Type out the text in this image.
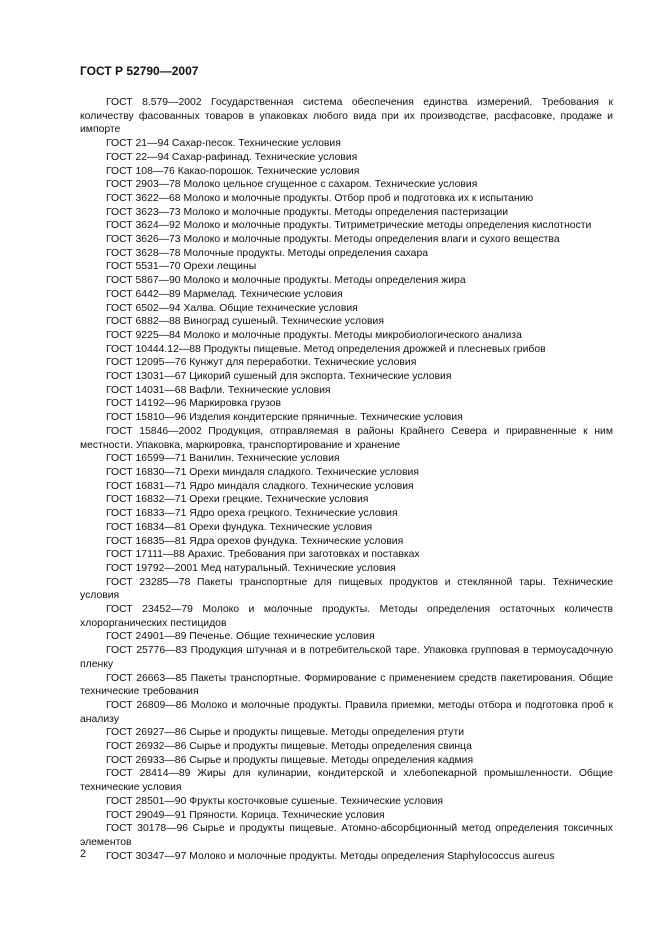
ГОСТ Р 52790—2007

ГОСТ 8.579—2002 Государственная система обеспечения единства измерений. Требования к количеству фасованных товаров в упаковках любого вида при их производстве, расфасовке, продаже и импорте

ГОСТ 21—94 Сахар-песок. Технические условия

ГОСТ 22—94 Сахар-рафинад. Технические условия

ГОСТ 108—76 Какао-порошок. Технические условия

ГОСТ 2903—78 Молоко цельное сгущенное с сахаром. Технические условия

ГОСТ 3622—68 Молоко и молочные продукты. Отбор проб и подготовка их к испытанию

ГОСТ 3623—73 Молоко и молочные продукты. Методы определения пастеризации

ГОСТ 3624—92 Молоко и молочные продукты. Титриметрические методы определения кислотности

ГОСТ 3626—73 Молоко и молочные продукты. Методы определения влаги и сухого вещества

ГОСТ 3628—78 Молочные продукты. Методы определения сахара

ГОСТ 5531—70 Орехи лещины

ГОСТ 5867—90 Молоко и молочные продукты. Методы определения жира

ГОСТ 6442—89 Мармелад. Технические условия

ГОСТ 6502—94 Халва. Общие технические условия

ГОСТ 6882—88 Виноград сушеный. Технические условия

ГОСТ 9225—84 Молоко и молочные продукты. Методы микробиологического анализа

ГОСТ 10444.12—88 Продукты пищевые. Метод определения дрожжей и плесневых грибов

ГОСТ 12095—76 Кунжут для переработки. Технические условия

ГОСТ 13031—67 Цикорий сушеный для экспорта. Технические условия

ГОСТ 14031—68 Вафли. Технические условия

ГОСТ 14192—96 Маркировка грузов

ГОСТ 15810—96 Изделия кондитерские пряничные. Технические условия

ГОСТ 15846—2002 Продукция, отправляемая в районы Крайнего Севера и приравненные к ним местности. Упаковка, маркировка, транспортирование и хранение

ГОСТ 16599—71 Ванилин. Технические условия

ГОСТ 16830—71 Орехи миндаля сладкого. Технические условия

ГОСТ 16831—71 Ядро миндаля сладкого. Технические условия

ГОСТ 16832—71 Орехи грецкие. Технические условия

ГОСТ 16833—71 Ядро ореха грецкого. Технические условия

ГОСТ 16834—81 Орехи фундука. Технические условия

ГОСТ 16835—81 Ядра орехов фундука. Технические условия

ГОСТ 17111—88 Арахис. Требования при заготовках и поставках

ГОСТ 19792—2001 Мед натуральный. Технические условия

ГОСТ 23285—78 Пакеты транспортные для пищевых продуктов и стеклянной тары. Технические условия

ГОСТ 23452—79 Молоко и молочные продукты. Методы определения остаточных количеств хлорорганических пестицидов

ГОСТ 24901—89 Печенье. Общие технические условия

ГОСТ 25776—83 Продукция штучная и в потребительской таре. Упаковка групповая в термоусадочную пленку

ГОСТ 26663—85 Пакеты транспортные. Формирование с применением средств пакетирования. Общие технические требования

ГОСТ 26809—86 Молоко и молочные продукты. Правила приемки, методы отбора и подготовка проб к анализу

ГОСТ 26927—86 Сырье и продукты пищевые. Методы определения ртути

ГОСТ 26932—86 Сырье и продукты пищевые. Методы определения свинца

ГОСТ 26933—86 Сырье и продукты пищевые. Методы определения кадмия

ГОСТ 28414—89 Жиры для кулинарии, кондитерской и хлебопекарной промышленности. Общие технические условия

ГОСТ 28501—90 Фрукты косточковые сушеные. Технические условия

ГОСТ 29049—91 Пряности. Корица. Технические условия

ГОСТ 30178—96 Сырье и продукты пищевые. Атомно-абсорбционный метод определения токсичных элементов

ГОСТ 30347—97 Молоко и молочные продукты. Методы определения Staphylococcus aureus

2
